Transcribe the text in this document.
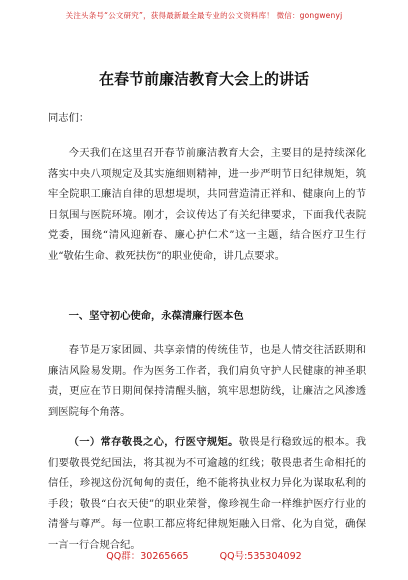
关注头条号“公文研究”，获得最新最全最专业的公文资料库！ 微信：gongwenyj
在春节前廉洁教育大会上的讲话
同志们：
今天我们在这里召开春节前廉洁教育大会，主要目的是持续深化落实中央八项规定及其实施细则精神，进一步严明节日纪律规矩，筑牢全院职工廉洁自律的思想堤坝，共同营造清正祥和、健康向上的节日氛围与医院环境。刚才，会议传达了有关纪律要求，下面我代表院党委，围绕“清风迎新春、廉心护仁术”这一主题，结合医疗卫生行业“敬佑生命、救死扶伤”的职业使命，讲几点要求。
一、坚守初心使命，永葆清廉行医本色
春节是万家团圆、共享亲情的传统佳节，也是人情交往活跃期和廉洁风险易发期。作为医务工作者，我们肩负守护人民健康的神圣职责，更应在节日期间保持清醒头脑，筑牢思想防线，让廉洁之风渗透到医院每个角落。
（一）常存敬畏之心，行医守规矩。敬畏是行稳致远的根本。我们要敬畏党纪国法，将其视为不可逾越的红线；敬畏患者生命相托的信任，珍视这份沉甸甸的责任，绝不能将执业权力异化为谋取私利的手段；敬畏“白衣天使”的职业荣誉，像珍视生命一样维护医疗行业的清誉与尊严。每一位职工都应将纪律规矩融入日常、化为自觉，确保一言一行合规合纪。
QQ群：30265665	QQ号:535304092
